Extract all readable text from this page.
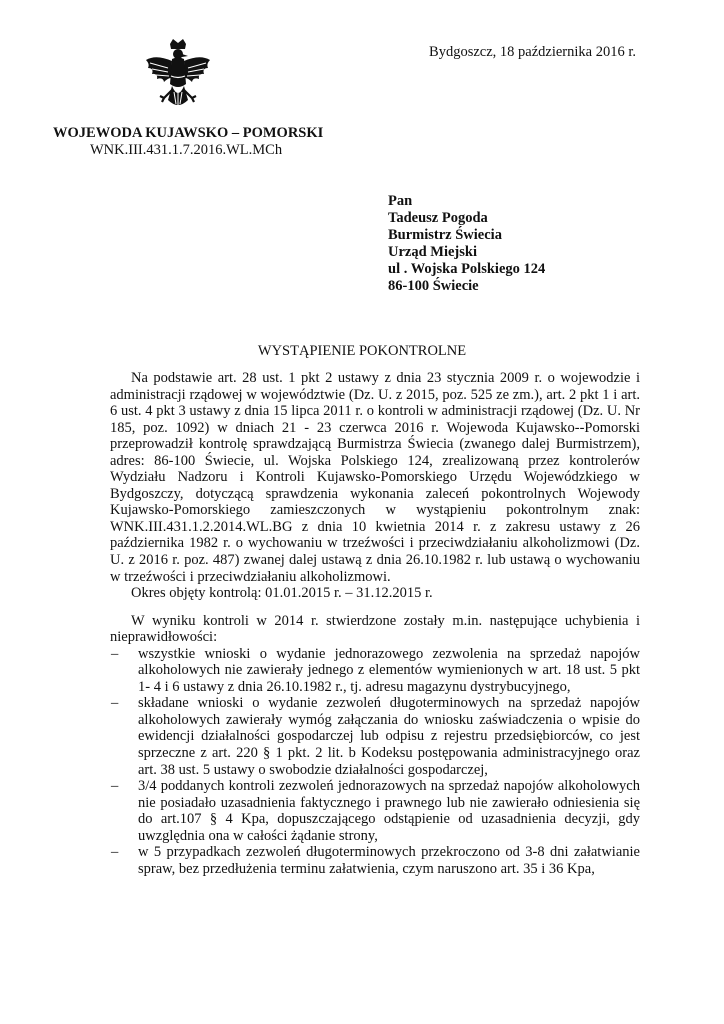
Bydgoszcz, 18 października 2016 r.
WOJEWODA KUJAWSKO – POMORSKI
WNK.III.431.1.7.2016.WL.MCh
Pan
Tadeusz Pogoda
Burmistrz Świecia
Urząd Miejski
ul . Wojska Polskiego 124
86-100 Świecie
WYSTĄPIENIE POKONTROLNE

Na podstawie art. 28 ust. 1 pkt 2 ustawy z dnia 23 stycznia 2009 r. o wojewodzie i administracji rządowej w województwie (Dz. U. z 2015, poz. 525 ze zm.), art. 2 pkt 1 i art. 6 ust. 4 pkt 3 ustawy z dnia 15 lipca 2011 r. o kontroli w administracji rządowej (Dz. U. Nr 185, poz. 1092) w dniach 21 - 23 czerwca 2016 r. Wojewoda Kujawsko--Pomorski przeprowadził kontrolę sprawdzającą Burmistrza Świecia (zwanego dalej Burmistrzem), adres: 86-100 Świecie, ul. Wojska Polskiego 124, zrealizowaną przez kontrolerów Wydziału Nadzoru i Kontroli Kujawsko-Pomorskiego Urzędu Wojewódzkiego w Bydgoszczy, dotyczącą sprawdzenia wykonania zaleceń pokontrolnych Wojewody Kujawsko-Pomorskiego zamieszczonych w wystąpieniu pokontrolnym znak: WNK.III.431.1.2.2014.WL.BG z dnia 10 kwietnia 2014 r. z zakresu ustawy z 26 października 1982 r. o wychowaniu w trzeźwości i przeciwdziałaniu alkoholizmowi (Dz. U. z 2016 r. poz. 487) zwanej dalej ustawą z dnia 26.10.1982 r. lub ustawą o wychowaniu w trzeźwości i przeciwdziałaniu alkoholizmowi.

Okres objęty kontrolą: 01.01.2015 r. – 31.12.2015 r.

W wyniku kontroli w 2014 r. stwierdzone zostały m.in. następujące uchybienia i nieprawidłowości:

– wszystkie wnioski o wydanie jednorazowego zezwolenia na sprzedaż napojów alkoholowych nie zawierały jednego z elementów wymienionych w art. 18 ust. 5 pkt 1- 4 i 6 ustawy z dnia 26.10.1982 r., tj. adresu magazynu dystrybucyjnego,
– składane wnioski o wydanie zezwoleń długoterminowych na sprzedaż napojów alkoholowych zawierały wymóg załączania do wniosku zaświadczenia o wpisie do ewidencji działalności gospodarczej lub odpisu z rejestru przedsiębiorców, co jest sprzeczne z art. 220 § 1 pkt. 2 lit. b Kodeksu postępowania administracyjnego oraz art. 38 ust. 5 ustawy o swobodzie działalności gospodarczej,
– 3/4 poddanych kontroli zezwoleń jednorazowych na sprzedaż napojów alkoholowych nie posiadało uzasadnienia faktycznego i prawnego lub nie zawierało odniesienia się do art.107 § 4 Kpa, dopuszczającego odstąpienie od uzasadnienia decyzji, gdy uwzględnia ona w całości żądanie strony,
– w 5 przypadkach zezwoleń długoterminowych przekroczono od 3-8 dni załatwianie spraw, bez przedłużenia terminu załatwienia, czym naruszono art. 35 i 36 Kpa,
